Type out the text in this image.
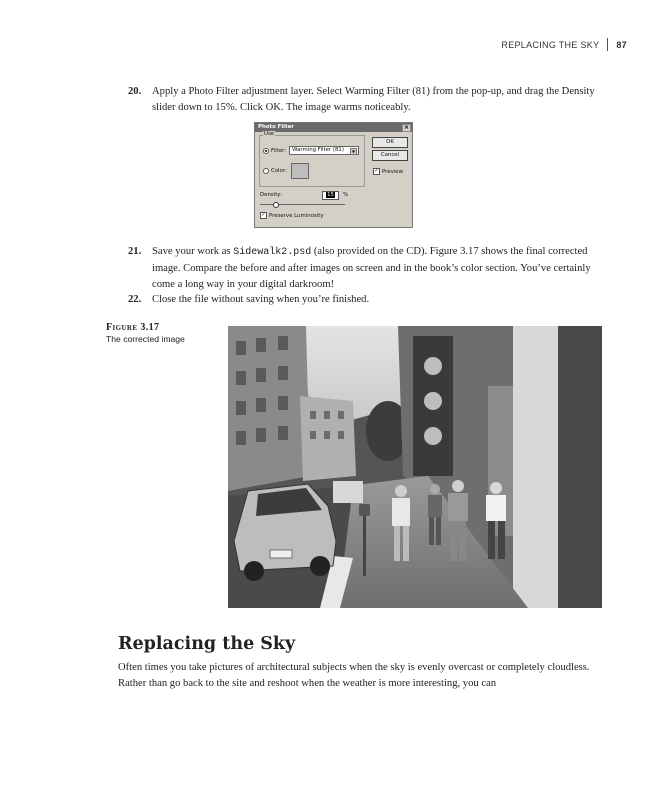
REPLACING THE SKY 87
20. Apply a Photo Filter adjustment layer. Select Warming Filter (81) from the pop-up, and drag the Density slider down to 15%. Click OK. The image warms noticeably.
Photo Filter	×
Use
Filter:	Warming Filter (81)	▼
Color:
OK
Cancel
✓ Preview
Density:	15	%
✓ Preserve Luminosity
21. Save your work as Sidewalk2.psd (also provided on the CD). Figure 3.17 shows the final corrected image. Compare the before and after images on screen and in the book’s color section. You’ve certainly come a long way in your digital darkroom!
22. Close the file without saving when you’re finished.
Figure 3.17
The corrected image
Replacing the Sky
Often times you take pictures of architectural subjects when the sky is evenly overcast or completely cloudless. Rather than go back to the site and reshoot when the weather is more interesting, you can
